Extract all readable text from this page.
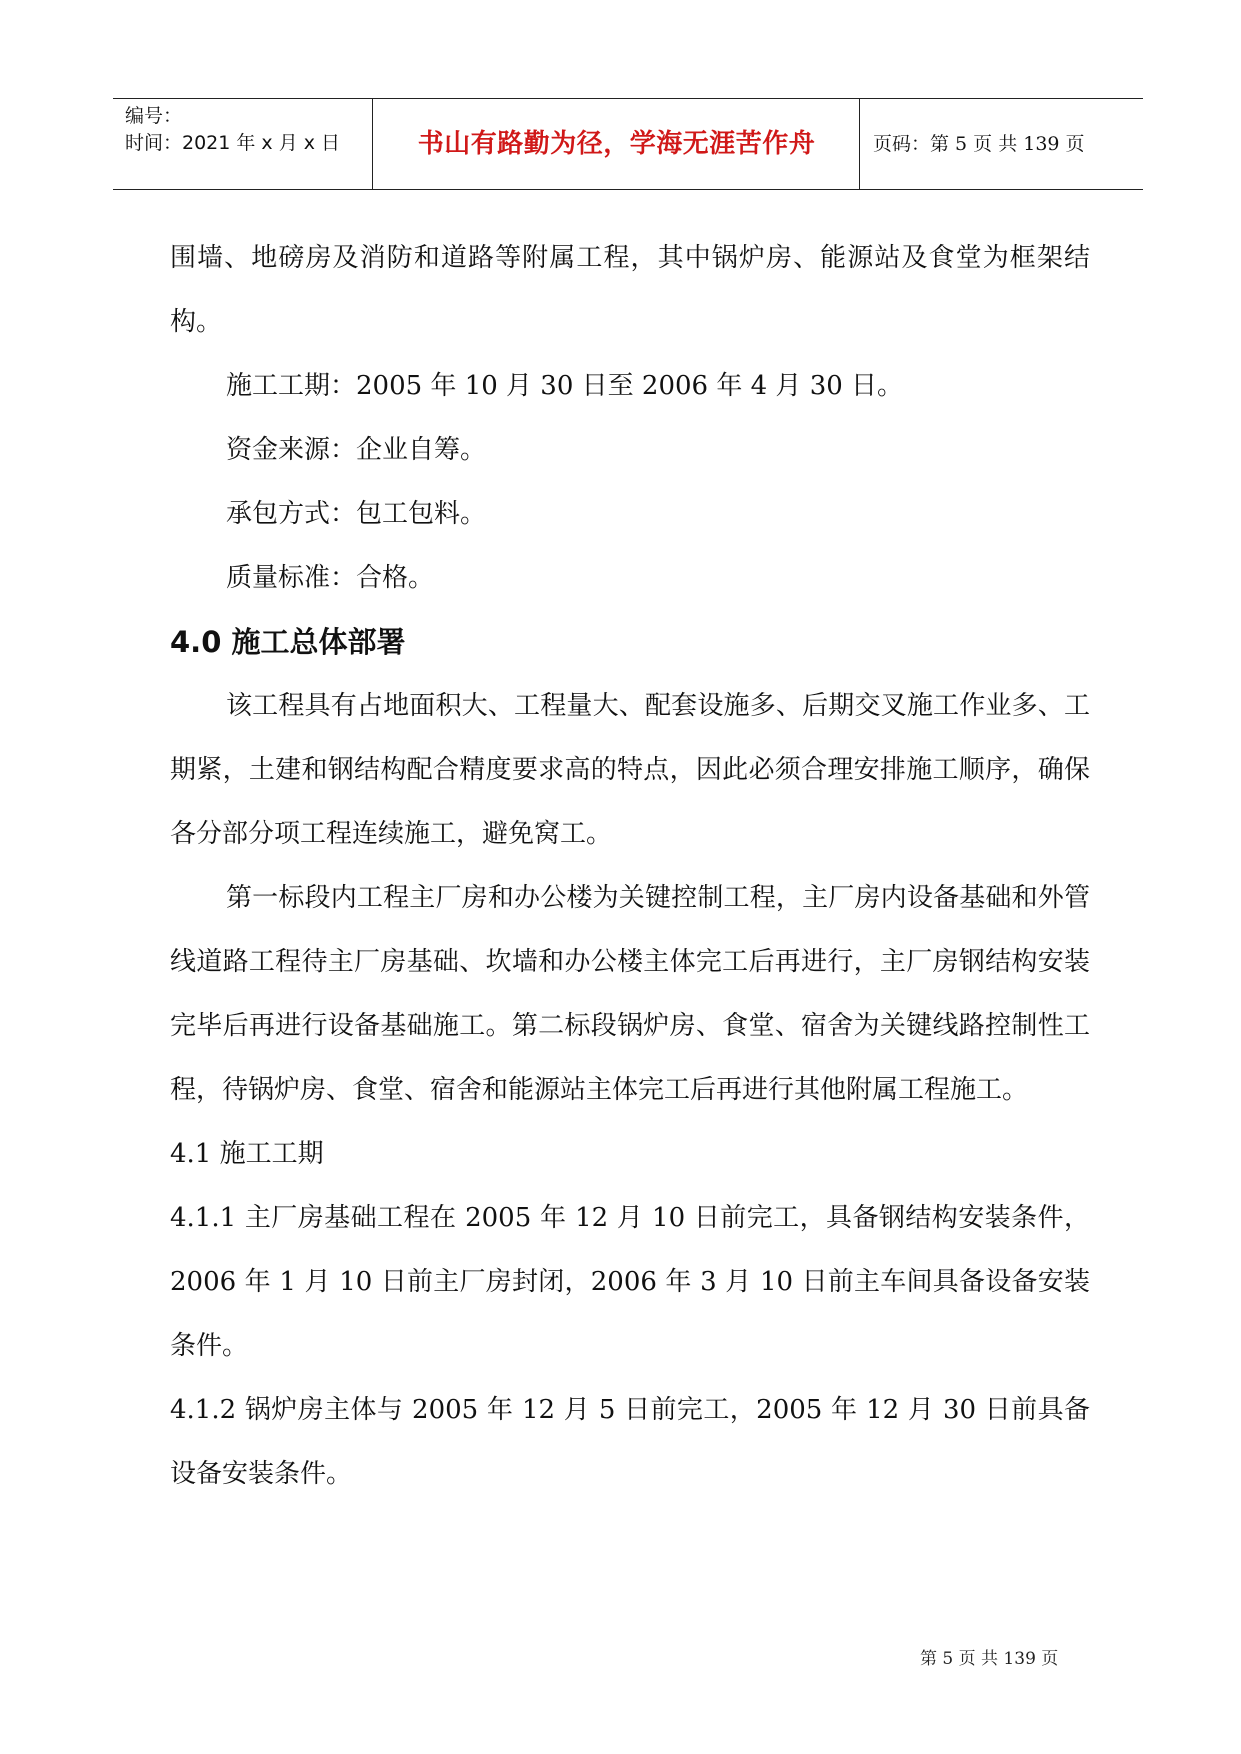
编号：
时间：2021 年 x 月 x 日	书山有路勤为径，学海无涯苦作舟	页码：第 5 页 共 139 页

围墙、地磅房及消防和道路等附属工程，其中锅炉房、能源站及食堂为框架结构。

施工工期：2005 年 10 月 30 日至 2006 年 4 月 30 日。

资金来源：企业自筹。

承包方式：包工包料。

质量标准：合格。

4.0 施工总体部署

该工程具有占地面积大、工程量大、配套设施多、后期交叉施工作业多、工期紧，土建和钢结构配合精度要求高的特点，因此必须合理安排施工顺序，确保各分部分项工程连续施工，避免窝工。

第一标段内工程主厂房和办公楼为关键控制工程，主厂房内设备基础和外管线道路工程待主厂房基础、坎墙和办公楼主体完工后再进行，主厂房钢结构安装完毕后再进行设备基础施工。第二标段锅炉房、食堂、宿舍为关键线路控制性工程，待锅炉房、食堂、宿舍和能源站主体完工后再进行其他附属工程施工。

4.1 施工工期

4.1.1 主厂房基础工程在 2005 年 12 月 10 日前完工，具备钢结构安装条件，2006 年 1 月 10 日前主厂房封闭，2006 年 3 月 10 日前主车间具备设备安装条件。

4.1.2 锅炉房主体与 2005 年 12 月 5 日前完工，2005 年 12 月 30 日前具备设备安装条件。

第 5 页 共 139 页
